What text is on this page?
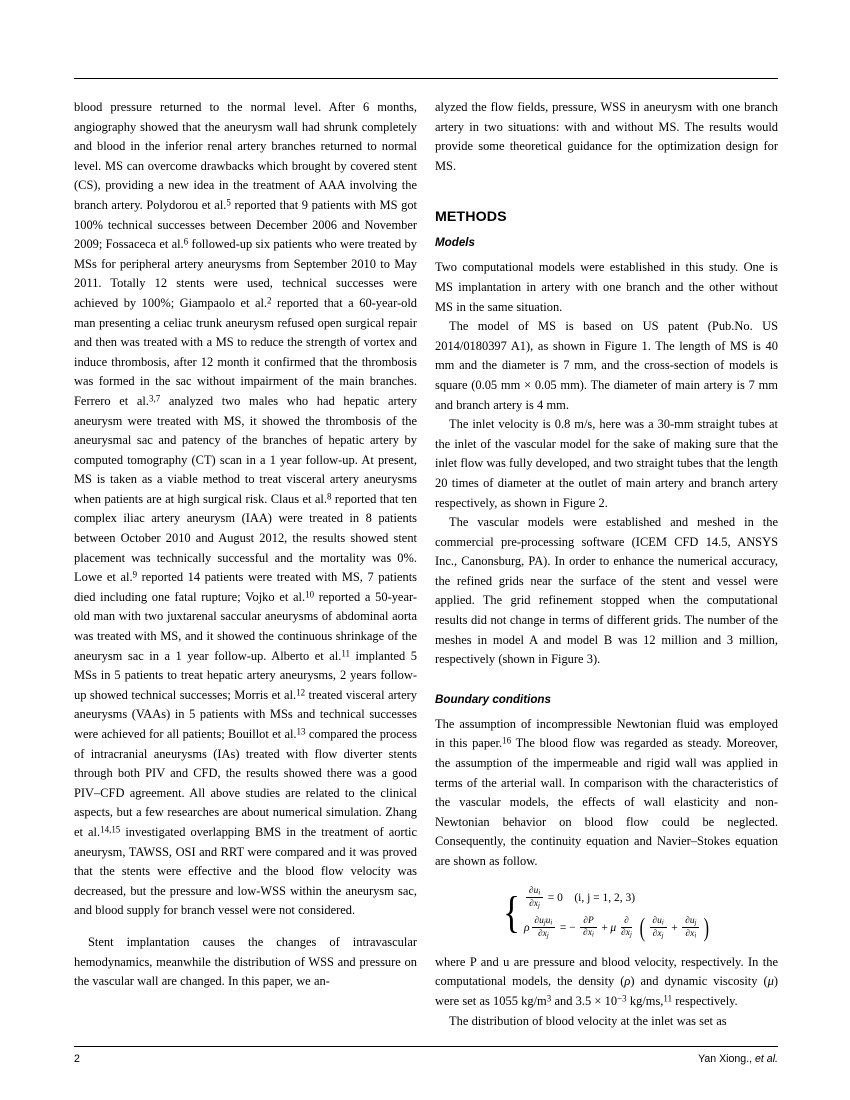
blood pressure returned to the normal level. After 6 months, angiography showed that the aneurysm wall had shrunk completely and blood in the inferior renal artery branches returned to normal level. MS can overcome drawbacks which brought by covered stent (CS), providing a new idea in the treatment of AAA involving the branch artery. Polydorou et al.$^5$ reported that 9 patients with MS got 100% technical successes between December 2006 and November 2009; Fossaceca et al.$^6$ followed-up six patients who were treated by MSs for peripheral artery aneurysms from September 2010 to May 2011. Totally 12 stents were used, technical successes were achieved by 100%; Giampaolo et al.$^2$ reported that a 60-year-old man presenting a celiac trunk aneurysm refused open surgical repair and then was treated with a MS to reduce the strength of vortex and induce thrombosis, after 12 month it confirmed that the thrombosis was formed in the sac without impairment of the main branches. Ferrero et al.$^{3,7}$ analyzed two males who had hepatic artery aneurysm were treated with MS, it showed the thrombosis of the aneurysmal sac and patency of the branches of hepatic artery by computed tomography (CT) scan in a 1 year follow-up. At present, MS is taken as a viable method to treat visceral artery aneurysms when patients are at high surgical risk. Claus et al.$^8$ reported that ten complex iliac artery aneurysm (IAA) were treated in 8 patients between October 2010 and August 2012, the results showed stent placement was technically successful and the mortality was 0%. Lowe et al.$^9$ reported 14 patients were treated with MS, 7 patients died including one fatal rupture; Vojko et al.$^{10}$ reported a 50-year-old man with two juxtarenal saccular aneurysms of abdominal aorta was treated with MS, and it showed the continuous shrinkage of the aneurysm sac in a 1 year follow-up. Alberto et al.$^{11}$ implanted 5 MSs in 5 patients to treat hepatic artery aneurysms, 2 years follow-up showed technical successes; Morris et al.$^{12}$ treated visceral artery aneurysms (VAAs) in 5 patients with MSs and technical successes were achieved for all patients; Bouillot et al.$^{13}$ compared the process of intracranial aneurysms (IAs) treated with flow diverter stents through both PIV and CFD, the results showed there was a good PIV–CFD agreement. All above studies are related to the clinical aspects, but a few researches are about numerical simulation. Zhang et al.$^{14,15}$ investigated overlapping BMS in the treatment of aortic aneurysm, TAWSS, OSI and RRT were compared and it was proved that the stents were effective and the blood flow velocity was decreased, but the pressure and low-WSS within the aneurysm sac, and blood supply for branch vessel were not considered.

Stent implantation causes the changes of intravascular hemodynamics, meanwhile the distribution of WSS and pressure on the vascular wall are changed. In this paper, we an-

alyzed the flow fields, pressure, WSS in aneurysm with one branch artery in two situations: with and without MS. The results would provide some theoretical guidance for the optimization design for MS.

METHODS
Models

Two computational models were established in this study. One is MS implantation in artery with one branch and the other without MS in the same situation.

The model of MS is based on US patent (Pub.No. US 2014/0180397 A1), as shown in Figure 1. The length of MS is 40 mm and the diameter is 7 mm, and the cross-section of models is square (0.05 mm × 0.05 mm). The diameter of main artery is 7 mm and branch artery is 4 mm.

The inlet velocity is 0.8 m/s, here was a 30-mm straight tubes at the inlet of the vascular model for the sake of making sure that the inlet flow was fully developed, and two straight tubes that the length 20 times of diameter at the outlet of main artery and branch artery respectively, as shown in Figure 2.

The vascular models were established and meshed in the commercial pre-processing software (ICEM CFD 14.5, ANSYS Inc., Canonsburg, PA). In order to enhance the numerical accuracy, the refined grids near the surface of the stent and vessel were applied. The grid refinement stopped when the computational results did not change in terms of different grids. The number of the meshes in model A and model B was 12 million and 3 million, respectively (shown in Figure 3).

Boundary conditions

The assumption of incompressible Newtonian fluid was employed in this paper.$^{16}$ The blood flow was regarded as steady. Moreover, the assumption of the impermeable and rigid wall was applied in terms of the arterial wall. In comparison with the characteristics of the vascular models, the effects of wall elasticity and non-Newtonian behavior on blood flow could be neglected. Consequently, the continuity equation and Navier–Stokes equation are shown as follow.

{ $\frac{\partial u_i}{\partial x_j} = 0$ (i, j = 1, 2, 3)
ρ $\frac{\partial u_ju_i}{\partial x_j}$ = − $\frac{\partial P}{\partial x_i} + \mu \frac{\partial}{\partial x_j}$ ( $\frac{\partial u_i}{\partial x_j} + \frac{\partial u_j}{\partial x_i}$ )

where P and u are pressure and blood velocity, respectively. In the computational models, the density (ρ) and dynamic viscosity (μ) were set as 1055 $kg/m^3$ and $3.5 \times 10^{-3}$ kg/ms,$^{11}$ respectively.

The distribution of blood velocity at the inlet was set as

2	Yan Xiong., et al.
